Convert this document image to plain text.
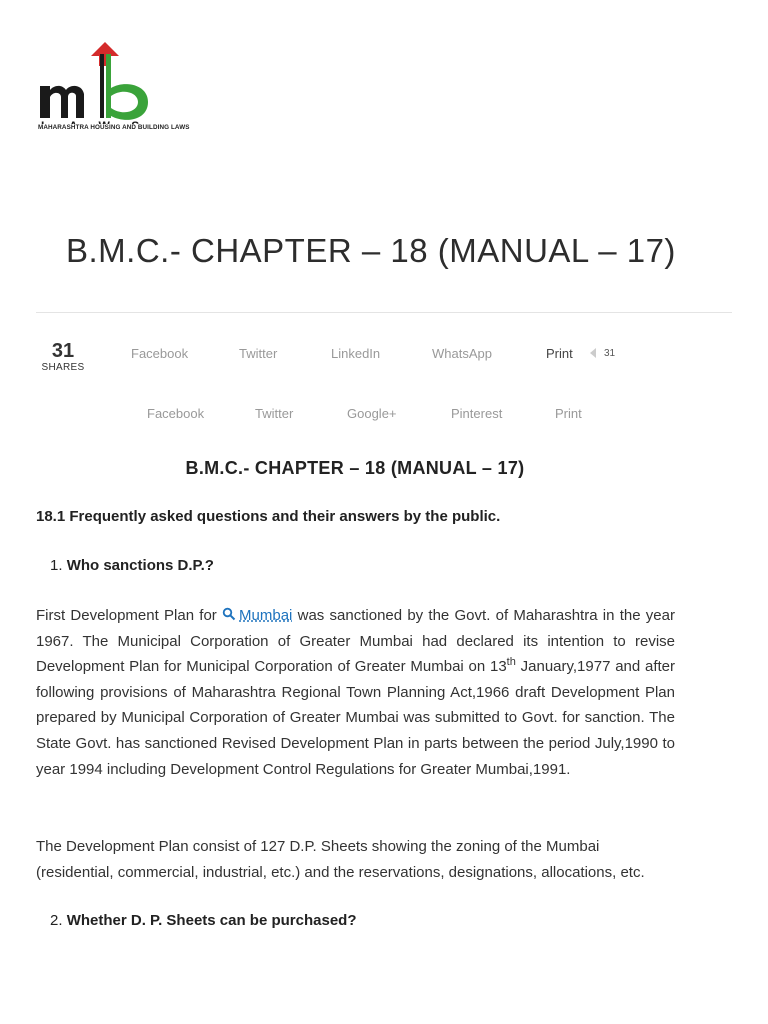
MAHARASHTRA HOUSING AND BUILDING LAWS
B.M.C.- CHAPTER – 18 (MANUAL – 17)
31
SHARES
Facebook	Twitter	LinkedIn	WhatsApp	Print	31
Facebook	Twitter	Google+	Pinterest	Print
B.M.C.- CHAPTER – 18 (MANUAL – 17)

18.1 Frequently asked questions and their answers by the public.

1. Who sanctions D.P.?

First Development Plan for Mumbai was sanctioned by the Govt. of Maharashtra in the year 1967. The Municipal Corporation of Greater Mumbai had declared its intention to revise Development Plan for Municipal Corporation of Greater Mumbai on 13th January,1977 and after following provisions of Maharashtra Regional Town Planning Act,1966 draft Development Plan prepared by Municipal Corporation of Greater Mumbai was submitted to Govt. for sanction. The State Govt. has sanctioned Revised Development Plan in parts between the period July,1990 to year 1994 including Development Control Regulations for Greater Mumbai,1991.

The Development Plan consist of 127 D.P. Sheets showing the zoning of the Mumbai (residential, commercial, industrial, etc.) and the reservations, designations, allocations, etc.

2. Whether D. P. Sheets can be purchased?
